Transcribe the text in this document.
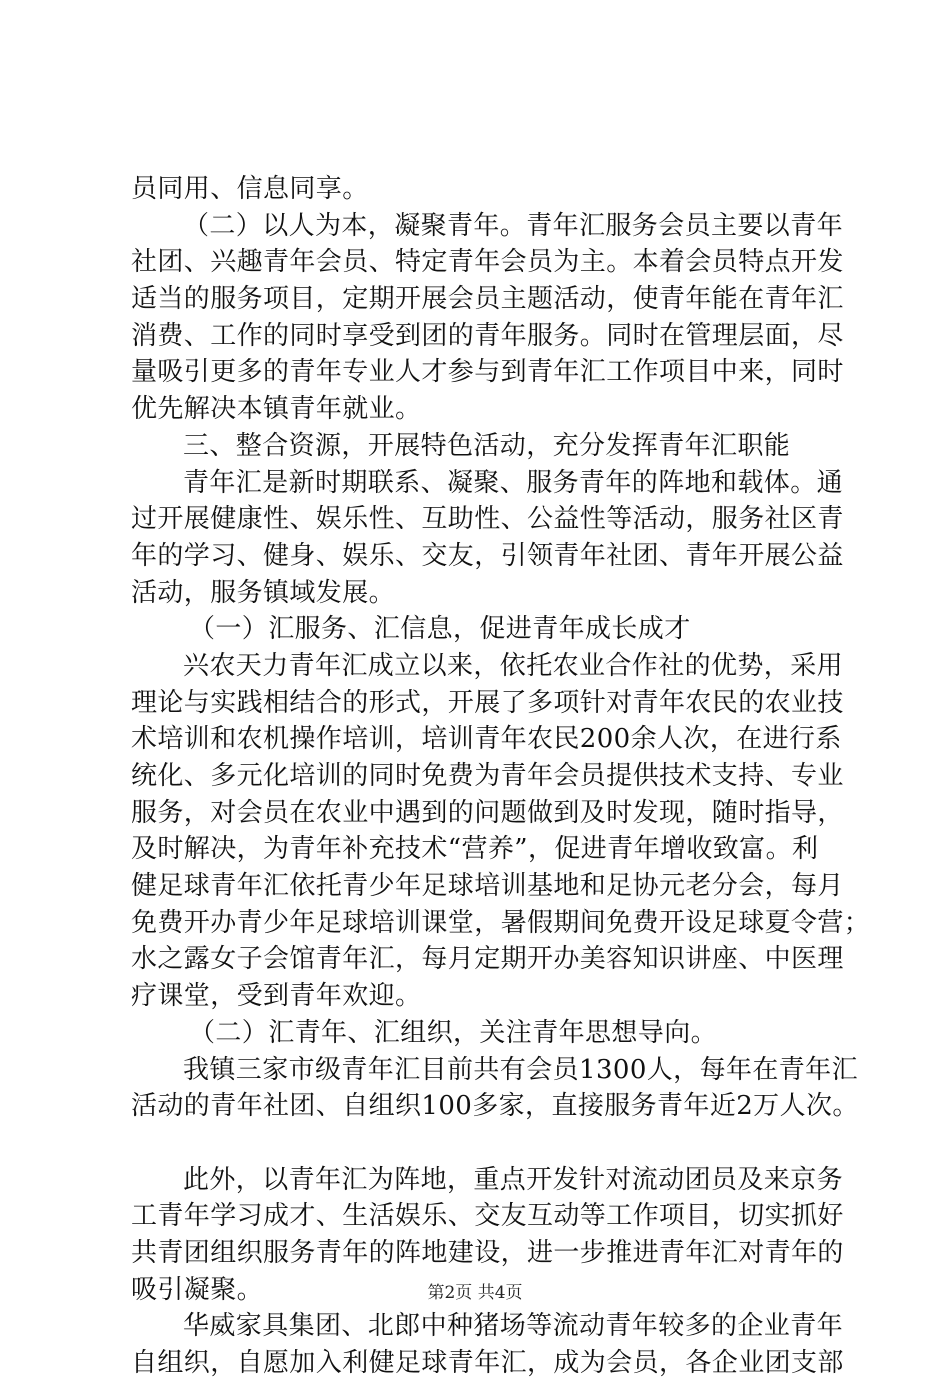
员同用、信息同享。
（二）以人为本，凝聚青年。青年汇服务会员主要以青年
社团、兴趣青年会员、特定青年会员为主。本着会员特点开发
适当的服务项目，定期开展会员主题活动，使青年能在青年汇
消费、工作的同时享受到团的青年服务。同时在管理层面，尽
量吸引更多的青年专业人才参与到青年汇工作项目中来，同时
优先解决本镇青年就业。
三、整合资源，开展特色活动，充分发挥青年汇职能
青年汇是新时期联系、凝聚、服务青年的阵地和载体。通
过开展健康性、娱乐性、互助性、公益性等活动，服务社区青
年的学习、健身、娱乐、交友，引领青年社团、青年开展公益
活动，服务镇域发展。
（一）汇服务、汇信息，促进青年成长成才
兴农天力青年汇成立以来，依托农业合作社的优势，采用
理论与实践相结合的形式，开展了多项针对青年农民的农业技
术培训和农机操作培训，培训青年农民200余人次，在进行系
统化、多元化培训的同时免费为青年会员提供技术支持、专业
服务，对会员在农业中遇到的问题做到及时发现，随时指导，
及时解决，为青年补充技术“营养”，促进青年增收致富。利
健足球青年汇依托青少年足球培训基地和足协元老分会，每月
免费开办青少年足球培训课堂，暑假期间免费开设足球夏令营；
水之露女子会馆青年汇，每月定期开办美容知识讲座、中医理
疗课堂，受到青年欢迎。
（二）汇青年、汇组织，关注青年思想导向。
我镇三家市级青年汇目前共有会员1300人，每年在青年汇
活动的青年社团、自组织100多家，直接服务青年近2万人次。
此外，以青年汇为阵地，重点开发针对流动团员及来京务
工青年学习成才、生活娱乐、交友互动等工作项目，切实抓好
共青团组织服务青年的阵地建设，进一步推进青年汇对青年的
吸引凝聚。
华威家具集团、北郎中种猪场等流动青年较多的企业青年
自组织，自愿加入利健足球青年汇，成为会员，各企业团支部
第2页 共4页
